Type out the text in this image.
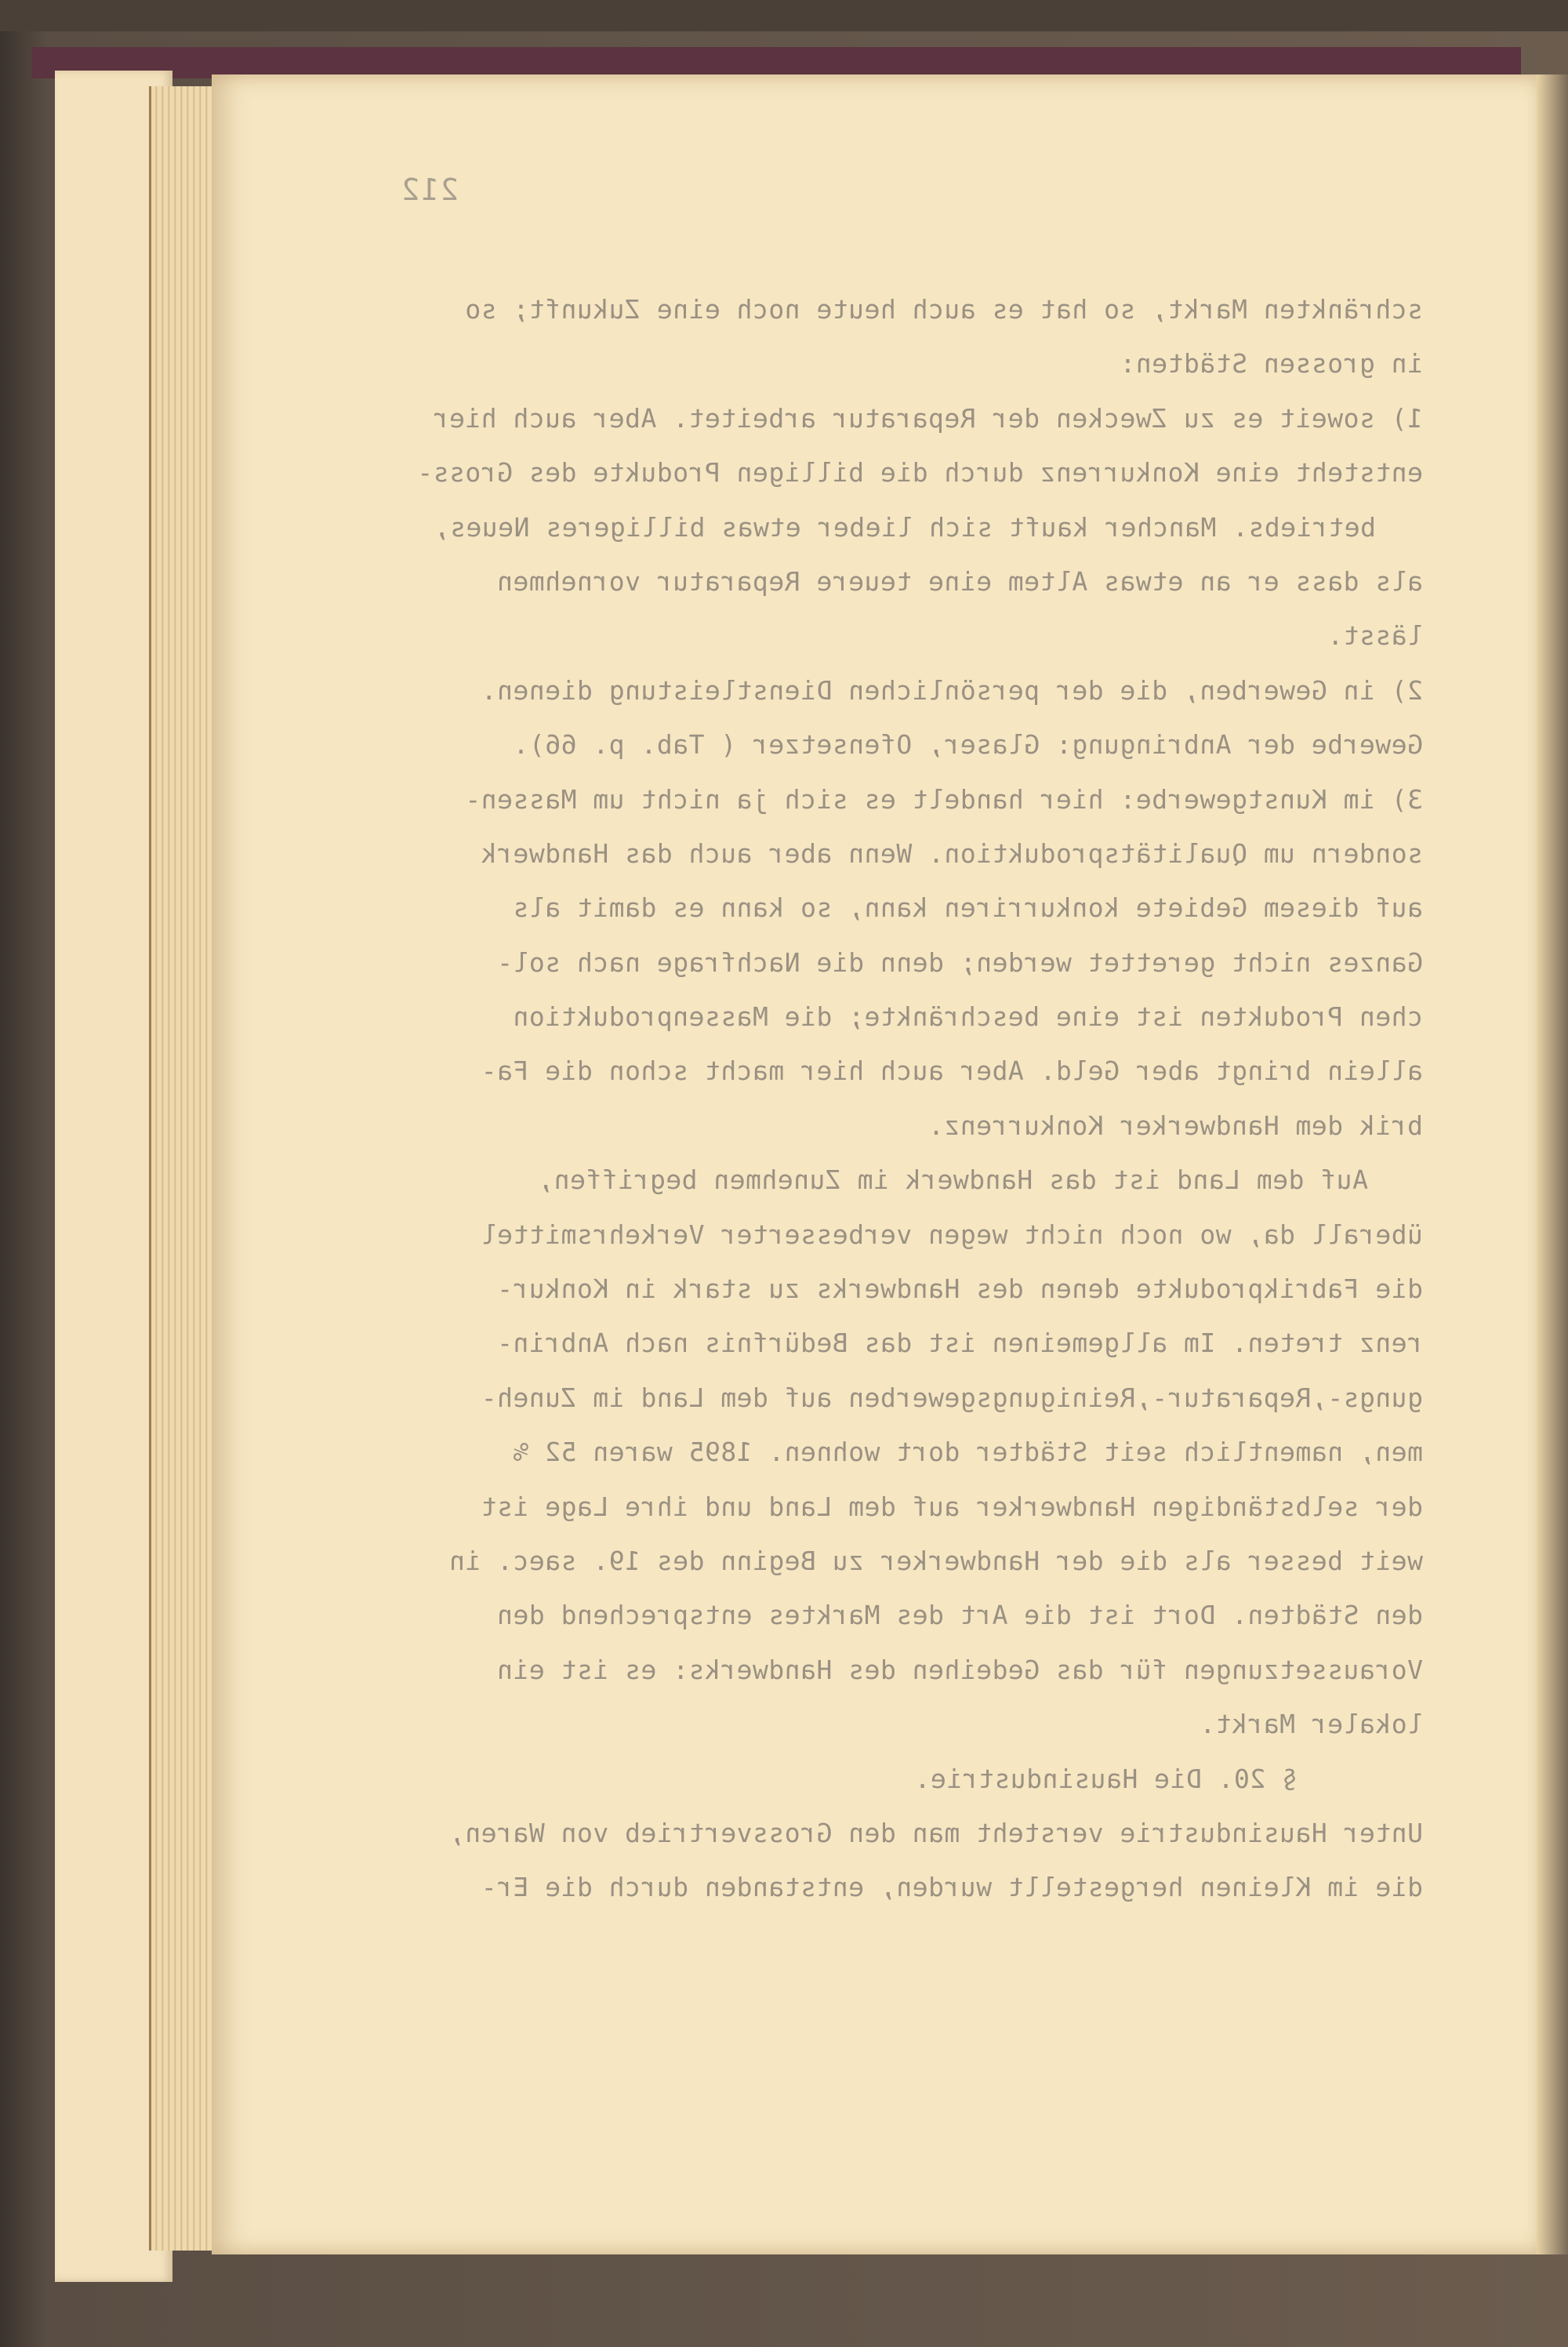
212
schränkten Markt, so hat es auch heute noch eine Zukunft; so
in grossen Städten:
1) soweit es zu Zwecken der Reparatur arbeitet. Aber auch hier
entsteht eine Konkurrenz durch die billigen Produkte des Gross-
betriebs. Mancher kauft sich lieber etwas billigeres Neues,
als dass er an etwas Altem eine teuere Reparatur vornehmen
lässt.
2) in Gewerben, die der persönlichen Dienstleistung dienen.
Gewerbe der Anbringung: Glaser, Ofensetzer ( Tab. p. 66).
3) im Kunstgewerbe: hier handelt es sich ja nicht um Massen-
sondern um Qualitätsproduktion. Wenn aber auch das Handwerk
auf diesem Gebiete konkurriren kann, so kann es damit als
Ganzes nicht gerettet werden; denn die Nachfrage nach sol-
chen Produkten ist eine beschränkte; die Massenproduktion
allein bringt aber Geld. Aber auch hier macht schon die Fa-
brik dem Handwerker Konkurrenz.
Auf dem Land ist das Handwerk im Zunehmen begriffen,
überall da, wo noch nicht wegen verbesserter Verkehrsmittel
die Fabrikprodukte denen des Handwerks zu stark in Konkur-
renz treten. Im allgemeinen ist das Bedürfnis nach Anbrin-
gungs-,Reparatur-,Reinigungsgewerben auf dem Land im Zuneh-
men, namentlich seit Städter dort wohnen. 1895 waren 52 %
der selbständigen Handwerker auf dem Land und ihre Lage ist
weit besser als die der Handwerker zu Beginn des 19. saec. in
den Städten. Dort ist die Art des Marktes entsprechend den
Voraussetzungen für das Gedeihen des Handwerks: es ist ein
lokaler Markt.
§ 20. Die Hausindustrie.
Unter Hausindustrie versteht man den Grossvertrieb von Waren,
die im Kleinen hergestellt wurden, entstanden durch die Er-
